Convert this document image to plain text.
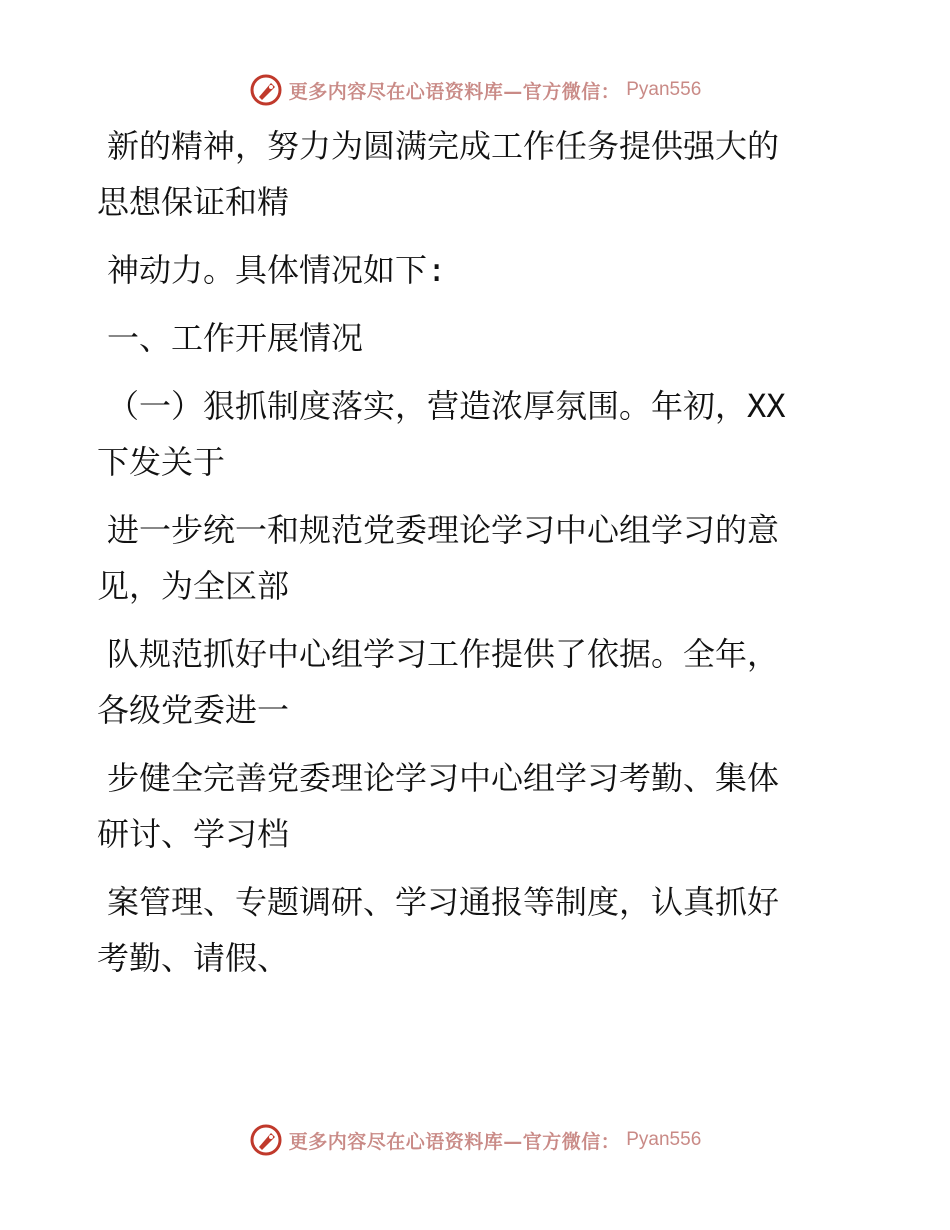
更多内容尽在心语资料库—官方微信： Pyan556

新的精神，努力为圆满完成工作任务提供强大的
思想保证和精

神动力。具体情况如下:

一、工作开展情况

（一）狠抓制度落实，营造浓厚氛围。年初，XX
下发关于

进一步统一和规范党委理论学习中心组学习的意
见，为全区部

队规范抓好中心组学习工作提供了依据。全年，
各级党委进一

步健全完善党委理论学习中心组学习考勤、集体
研讨、学习档

案管理、专题调研、学习通报等制度，认真抓好
考勤、请假、

更多内容尽在心语资料库—官方微信： Pyan556
